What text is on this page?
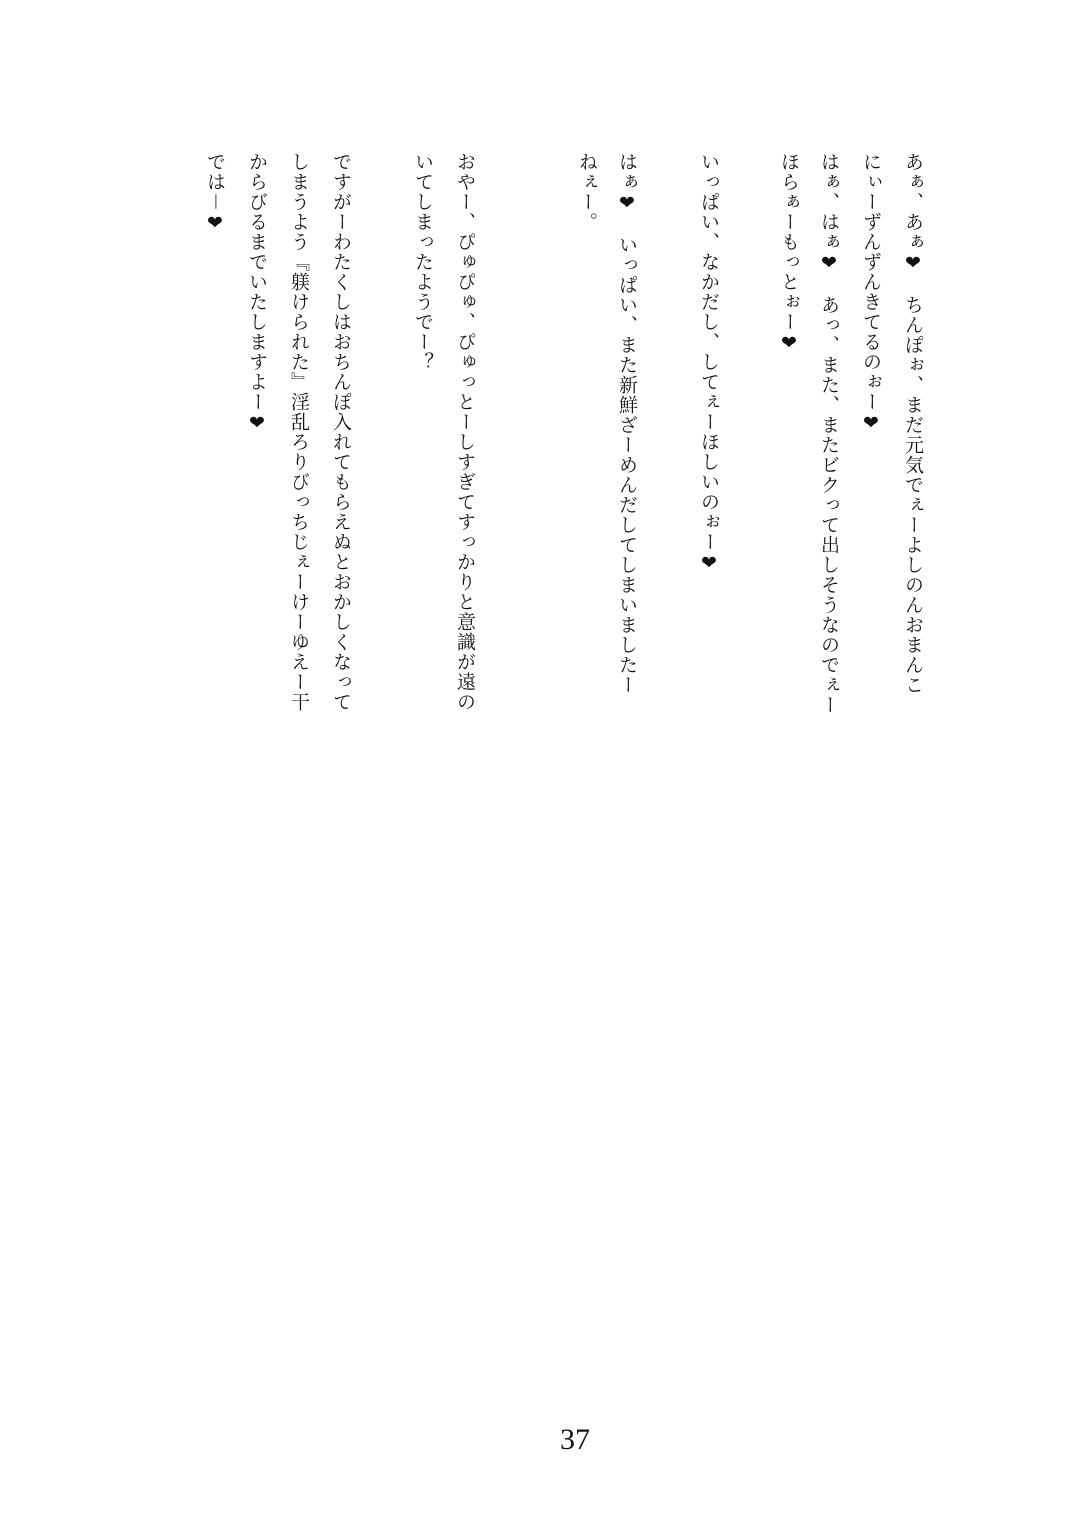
あぁ、あぁ❤　ちんぽぉ、まだ元気でぇーよしのんおまんこ
にぃーずんずんきてるのぉー❤
はぁ、はぁ❤　あっ、また、またビクって出しそうなのでぇー
ほらぁーもっとぉー❤
いっぱい、なかだし、してぇーほしいのぉー❤
はぁ❤　いっぱい、また新鮮ざーめんだしてしまいましたー
ねぇー。
おやー、ぴゅぴゅ、ぴゅっとーしすぎてすっかりと意識が遠の
いてしまったようでー？
ですがーわたくしはおちんぽ入れてもらえぬとおかしくなって
しまうよう『躾けられた』淫乱ろりびっちじぇーけーゆえー干
からびるまでいたしますよー❤
では－❤
37
